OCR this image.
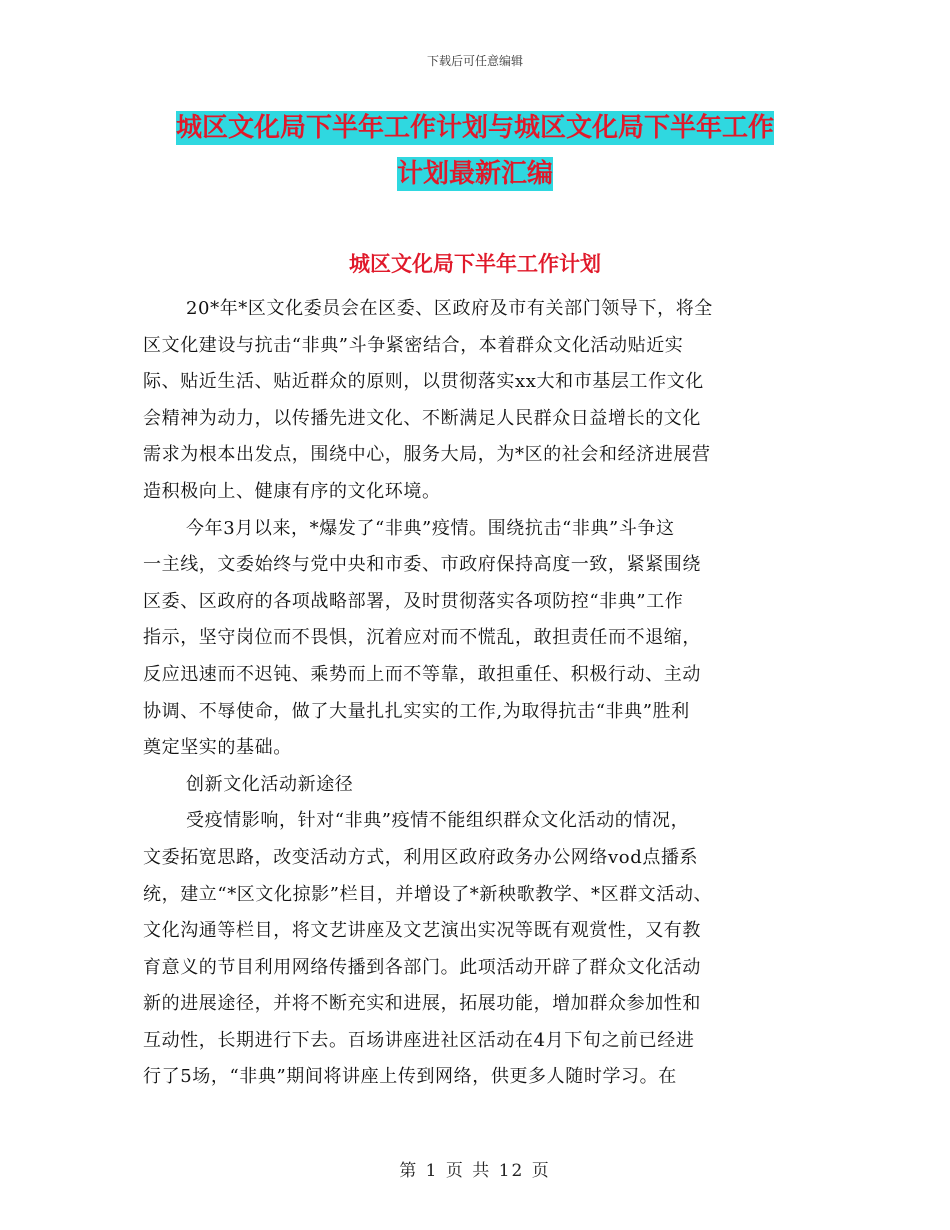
下载后可任意编辑
城区文化局下半年工作计划与城区文化局下半年工作
计划最新汇编
城区文化局下半年工作计划
20*年*区文化委员会在区委、区政府及市有关部门领导下，将全
区文化建设与抗击“非典”斗争紧密结合，本着群众文化活动贴近实
际、贴近生活、贴近群众的原则，以贯彻落实xx大和市基层工作文化
会精神为动力，以传播先进文化、不断满足人民群众日益增长的文化
需求为根本出发点，围绕中心，服务大局，为*区的社会和经济进展营
造积极向上、健康有序的文化环境。
今年3月以来，*爆发了“非典”疫情。围绕抗击“非典”斗争这
一主线，文委始终与党中央和市委、市政府保持高度一致，紧紧围绕
区委、区政府的各项战略部署，及时贯彻落实各项防控“非典”工作
指示，坚守岗位而不畏惧，沉着应对而不慌乱，敢担责任而不退缩，
反应迅速而不迟钝、乘势而上而不等靠，敢担重任、积极行动、主动
协调、不辱使命，做了大量扎扎实实的工作,为取得抗击“非典”胜利
奠定坚实的基础。
创新文化活动新途径
受疫情影响，针对“非典”疫情不能组织群众文化活动的情况，
文委拓宽思路，改变活动方式，利用区政府政务办公网络vod点播系
统，建立“*区文化掠影”栏目，并增设了*新秧歌教学、*区群文活动、
文化沟通等栏目，将文艺讲座及文艺演出实况等既有观赏性，又有教
育意义的节目利用网络传播到各部门。此项活动开辟了群众文化活动
新的进展途径，并将不断充实和进展，拓展功能，增加群众参加性和
互动性，长期进行下去。百场讲座进社区活动在4月下旬之前已经进
行了5场，“非典”期间将讲座上传到网络，供更多人随时学习。在
第 1 页 共 12 页
